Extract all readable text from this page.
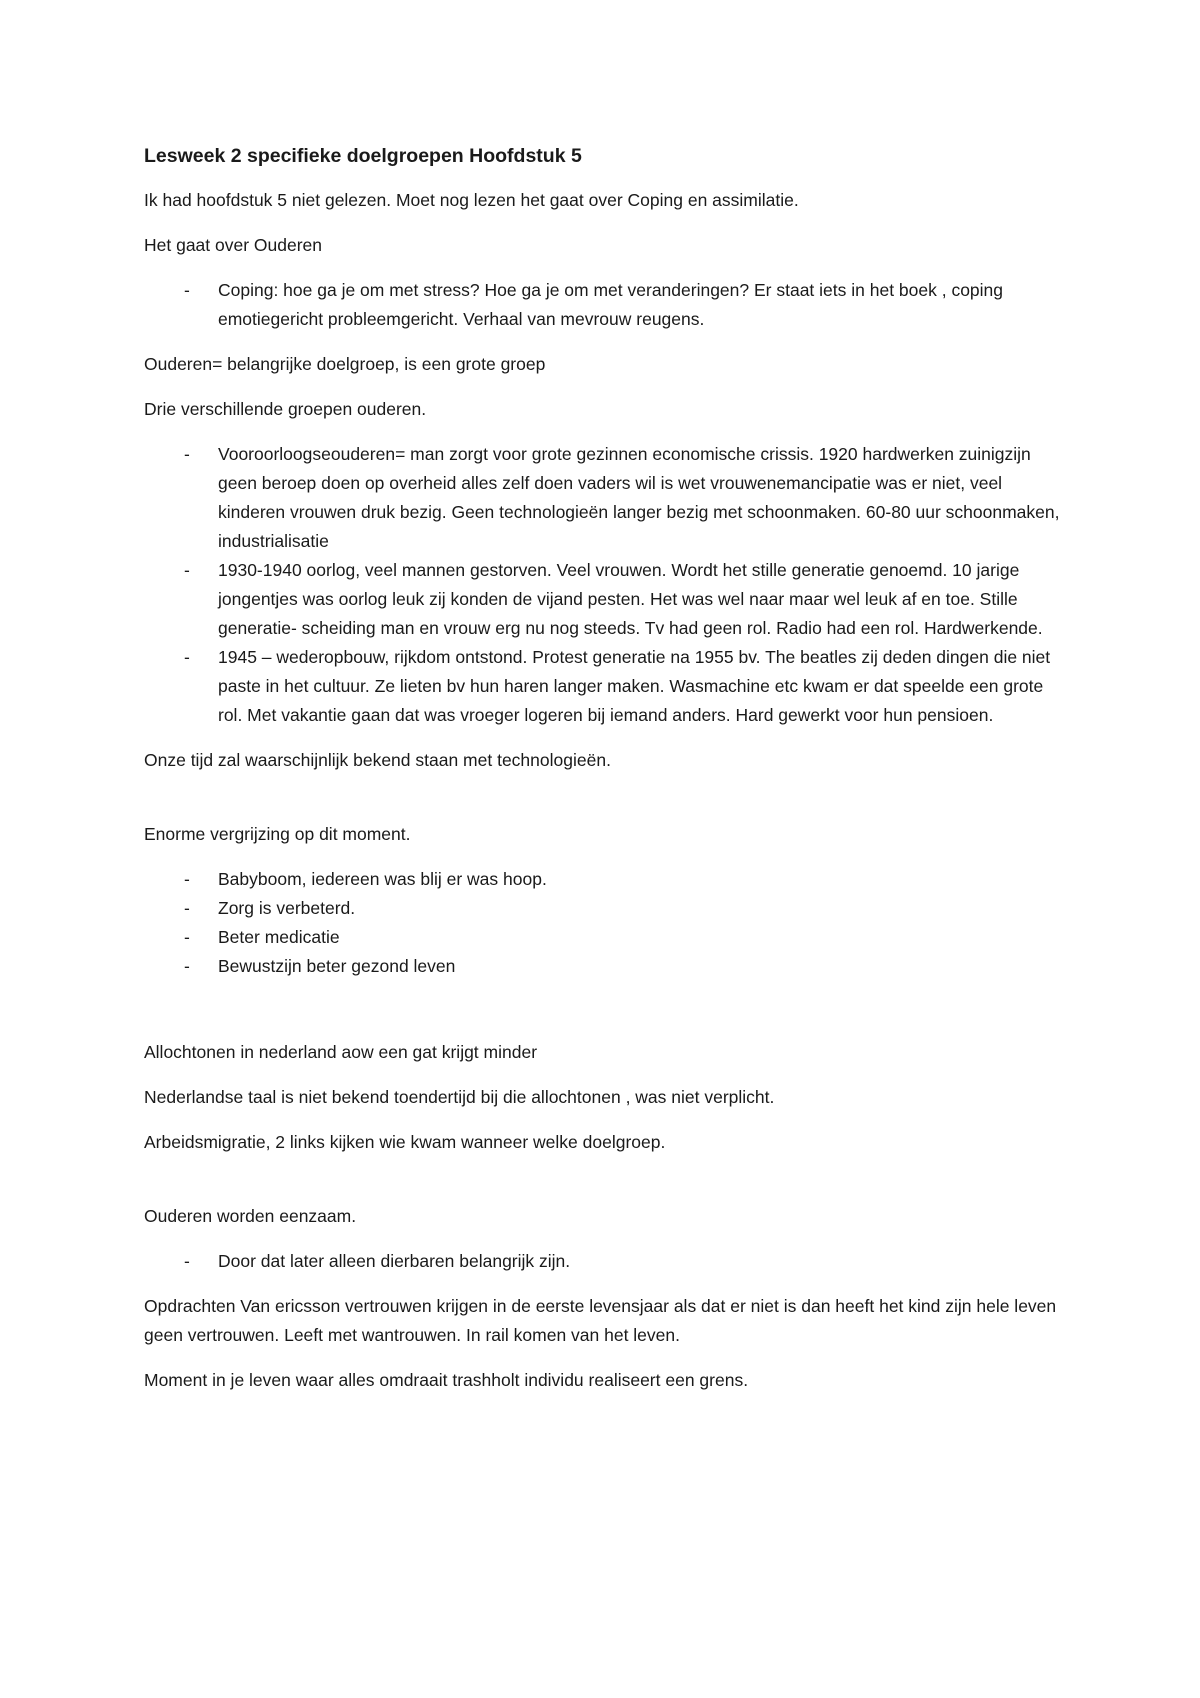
Lesweek 2 specifieke doelgroepen Hoofdstuk 5

Ik had hoofdstuk 5 niet gelezen. Moet nog lezen het gaat over Coping en assimilatie.

Het gaat over Ouderen

- Coping: hoe ga je om met stress? Hoe ga je om met veranderingen? Er staat iets in het boek , coping emotiegericht probleemgericht. Verhaal van mevrouw reugens.

Ouderen= belangrijke doelgroep, is een grote groep

Drie verschillende groepen ouderen.

- Vooroorloogseouderen= man zorgt voor grote gezinnen economische crissis. 1920 hardwerken zuinigzijn geen beroep doen op overheid alles zelf doen vaders wil is wet vrouwenemancipatie was er niet, veel kinderen vrouwen druk bezig. Geen technologieën langer bezig met schoonmaken. 60-80 uur schoonmaken, industrialisatie
- 1930-1940 oorlog, veel mannen gestorven. Veel vrouwen. Wordt het stille generatie genoemd. 10 jarige jongentjes was oorlog leuk zij konden de vijand pesten. Het was wel naar maar wel leuk af en toe. Stille generatie- scheiding man en vrouw erg nu nog steeds. Tv had geen rol. Radio had een rol. Hardwerkende.
- 1945 – wederopbouw, rijkdom ontstond. Protest generatie na 1955 bv. The beatles zij deden dingen die niet paste in het cultuur. Ze lieten bv hun haren langer maken. Wasmachine etc kwam er dat speelde een grote rol. Met vakantie gaan dat was vroeger logeren bij iemand anders. Hard gewerkt voor hun pensioen.

Onze tijd zal waarschijnlijk bekend staan met technologieën.

Enorme vergrijzing op dit moment.

- Babyboom, iedereen was blij er was hoop.
- Zorg is verbeterd.
- Beter medicatie
- Bewustzijn beter gezond leven

Allochtonen in nederland aow een gat krijgt minder

Nederlandse taal is niet bekend toendertijd bij die allochtonen , was niet verplicht.

Arbeidsmigratie, 2 links kijken wie kwam wanneer welke doelgroep.

Ouderen worden eenzaam.

- Door dat later alleen dierbaren belangrijk zijn.

Opdrachten Van ericsson vertrouwen krijgen in de eerste levensjaar als dat er niet is dan heeft het kind zijn hele leven geen vertrouwen. Leeft met wantrouwen. In rail komen van het leven.

Moment in je leven waar alles omdraait trashholt individu realiseert een grens.
